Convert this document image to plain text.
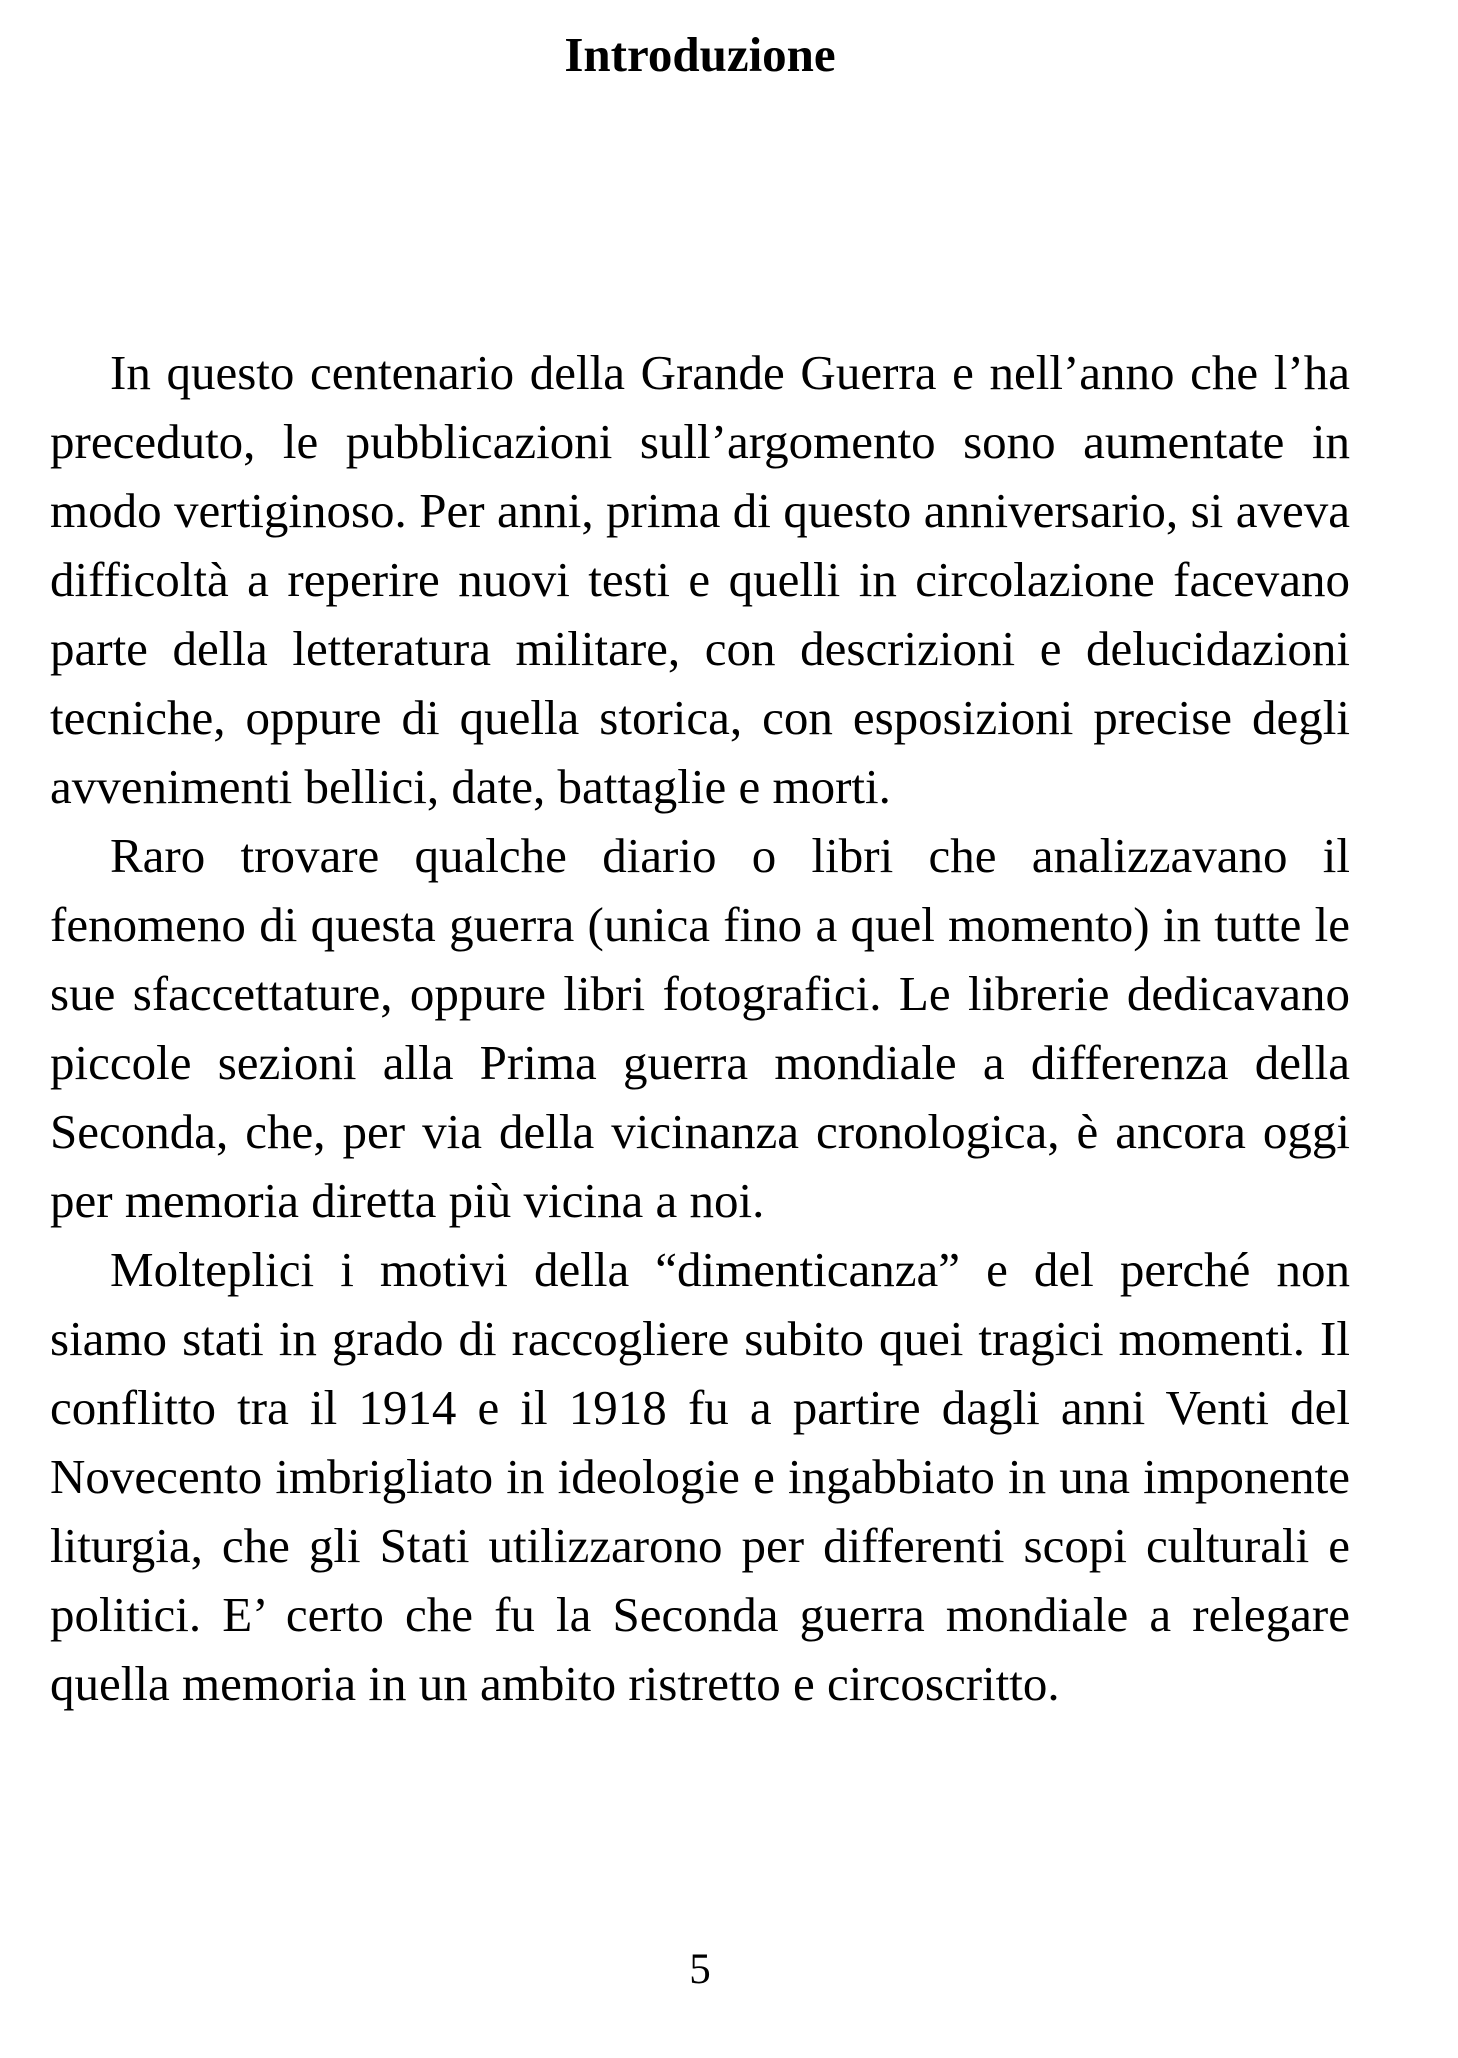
Introduzione

In questo centenario della Grande Guerra e nell’anno che l’ha preceduto, le pubblicazioni sull’argomento sono aumentate in modo vertiginoso. Per anni, prima di questo anniversario, si aveva difficoltà a reperire nuovi testi e quelli in circolazione facevano parte della letteratura militare, con descrizioni e delucidazioni tecniche, oppure di quella storica, con esposizioni precise degli avvenimenti bellici, date, battaglie e morti.

Raro trovare qualche diario o libri che analizzavano il fenomeno di questa guerra (unica fino a quel momento) in tutte le sue sfaccettature, oppure libri fotografici. Le librerie dedicavano piccole sezioni alla Prima guerra mondiale a differenza della Seconda, che, per via della vicinanza cronologica, è ancora oggi per memoria diretta più vicina a noi.

Molteplici i motivi della “dimenticanza” e del perché non siamo stati in grado di raccogliere subito quei tragici momenti. Il conflitto tra il 1914 e il 1918 fu a partire dagli anni Venti del Novecento imbrigliato in ideologie e ingabbiato in una imponente liturgia, che gli Stati utilizzarono per differenti scopi culturali e politici. E’ certo che fu la Seconda guerra mondiale a relegare quella memoria in un ambito ristretto e circoscritto.

5
